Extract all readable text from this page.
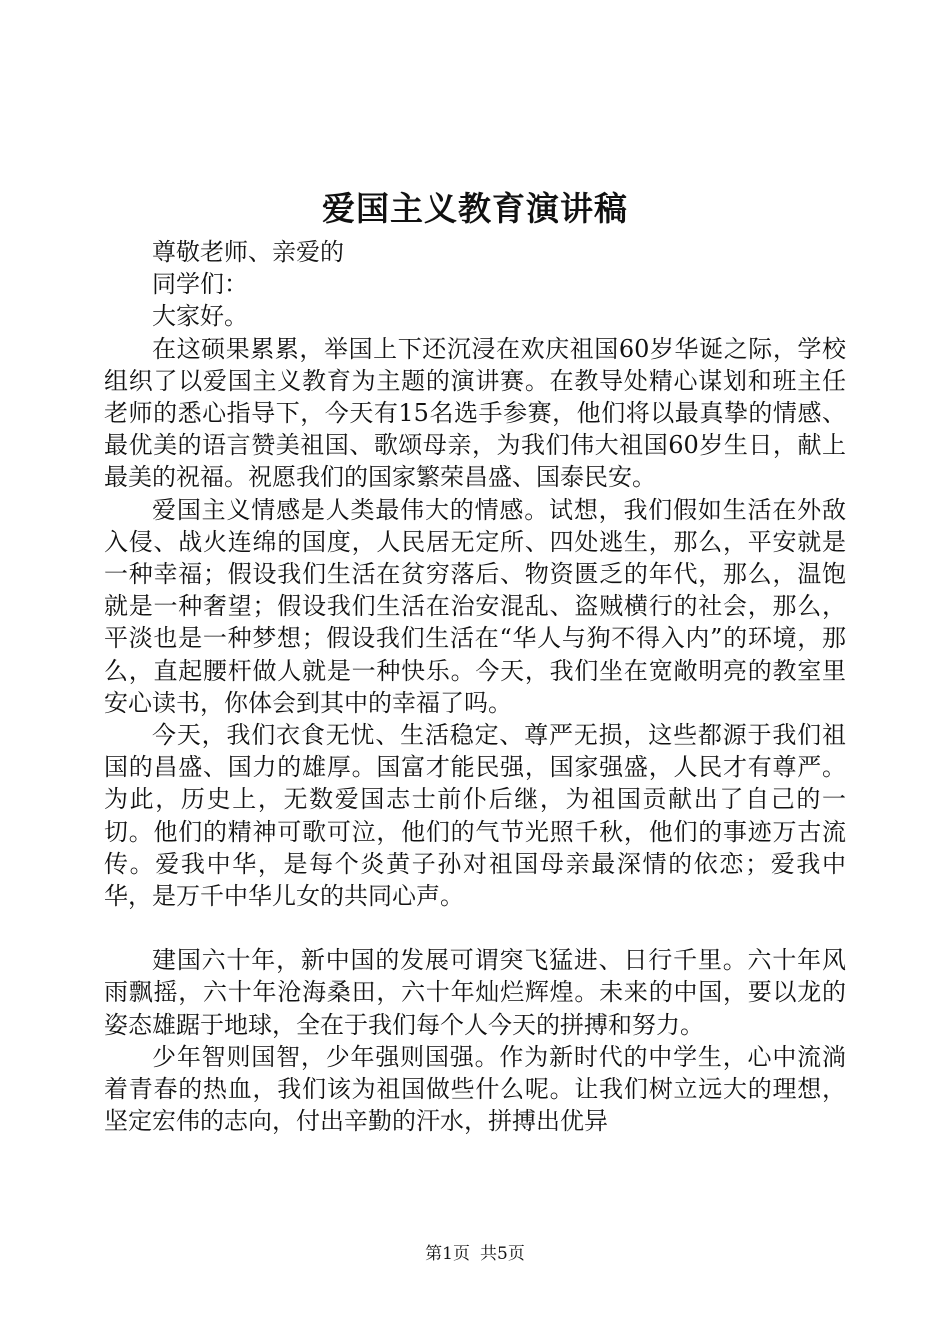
爱国主义教育演讲稿

尊敬老师、亲爱的

同学们：

大家好。

在这硕果累累，举国上下还沉浸在欢庆祖国60岁华诞之际，学校组织了以爱国主义教育为主题的演讲赛。在教导处精心谋划和班主任老师的悉心指导下，今天有15名选手参赛，他们将以最真挚的情感、最优美的语言赞美祖国、歌颂母亲，为我们伟大祖国60岁生日，献上最美的祝福。祝愿我们的国家繁荣昌盛、国泰民安。

爱国主义情感是人类最伟大的情感。试想，我们假如生活在外敌入侵、战火连绵的国度，人民居无定所、四处逃生，那么，平安就是一种幸福；假设我们生活在贫穷落后、物资匮乏的年代，那么，温饱就是一种奢望；假设我们生活在治安混乱、盗贼横行的社会，那么，平淡也是一种梦想；假设我们生活在“华人与狗不得入内”的环境，那么，直起腰杆做人就是一种快乐。今天，我们坐在宽敞明亮的教室里安心读书，你体会到其中的幸福了吗。

今天，我们衣食无忧、生活稳定、尊严无损，这些都源于我们祖国的昌盛、国力的雄厚。国富才能民强，国家强盛，人民才有尊严。为此，历史上，无数爱国志士前仆后继，为祖国贡献出了自己的一切。他们的精神可歌可泣，他们的气节光照千秋，他们的事迹万古流传。爱我中华，是每个炎黄子孙对祖国母亲最深情的依恋；爱我中华，是万千中华儿女的共同心声。

建国六十年，新中国的发展可谓突飞猛进、日行千里。六十年风雨飘摇，六十年沧海桑田，六十年灿烂辉煌。未来的中国，要以龙的姿态雄踞于地球，全在于我们每个人今天的拼搏和努力。

少年智则国智，少年强则国强。作为新时代的中学生，心中流淌着青春的热血，我们该为祖国做些什么呢。让我们树立远大的理想，坚定宏伟的志向，付出辛勤的汗水，拼搏出优异

第1页 共5页
